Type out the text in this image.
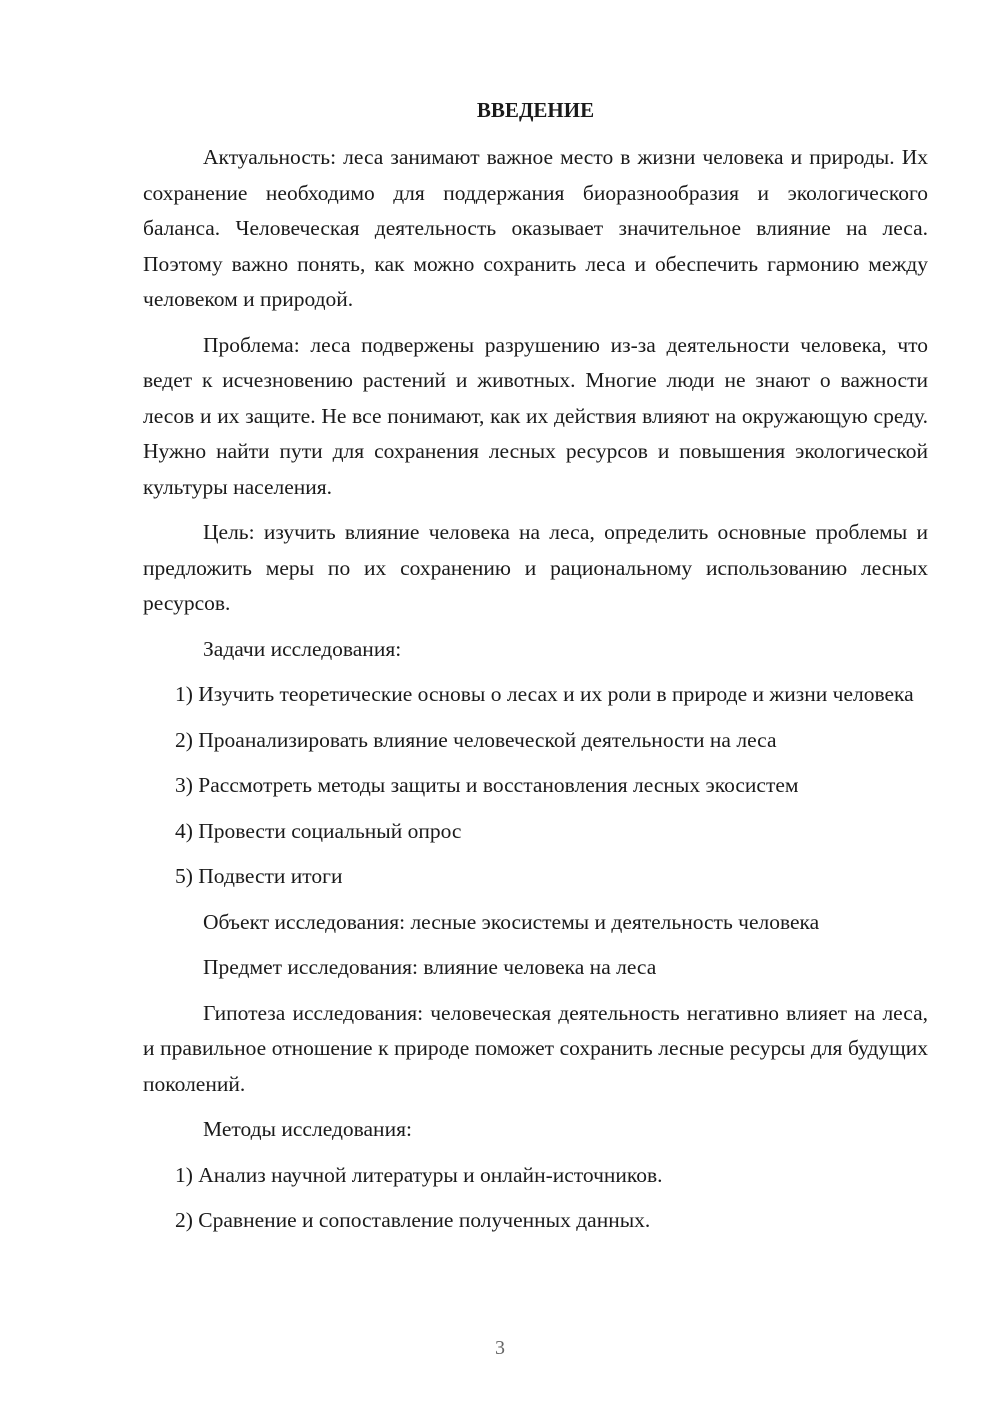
ВВЕДЕНИЕ

Актуальность: леса занимают важное место в жизни человека и природы. Их сохранение необходимо для поддержания биоразнообразия и экологического баланса. Человеческая деятельность оказывает значительное влияние на леса. Поэтому важно понять, как можно сохранить леса и обеспечить гармонию между человеком и природой.

Проблема: леса подвержены разрушению из-за деятельности человека, что ведет к исчезновению растений и животных. Многие люди не знают о важности лесов и их защите. Не все понимают, как их действия влияют на окружающую среду. Нужно найти пути для сохранения лесных ресурсов и повышения экологической культуры населения.

Цель: изучить влияние человека на леса, определить основные проблемы и предложить меры по их сохранению и рациональному использованию лесных ресурсов.

Задачи исследования:

1) Изучить теоретические основы о лесах и их роли в природе и жизни человека

2) Проанализировать влияние человеческой деятельности на леса

3) Рассмотреть методы защиты и восстановления лесных экосистем

4) Провести социальный опрос

5) Подвести итоги

Объект исследования: лесные экосистемы и деятельность человека

Предмет исследования: влияние человека на леса

Гипотеза исследования: человеческая деятельность негативно влияет на леса, и правильное отношение к природе поможет сохранить лесные ресурсы для будущих поколений.

Методы исследования:

1) Анализ научной литературы и онлайн-источников.

2) Сравнение и сопоставление полученных данных.

3
